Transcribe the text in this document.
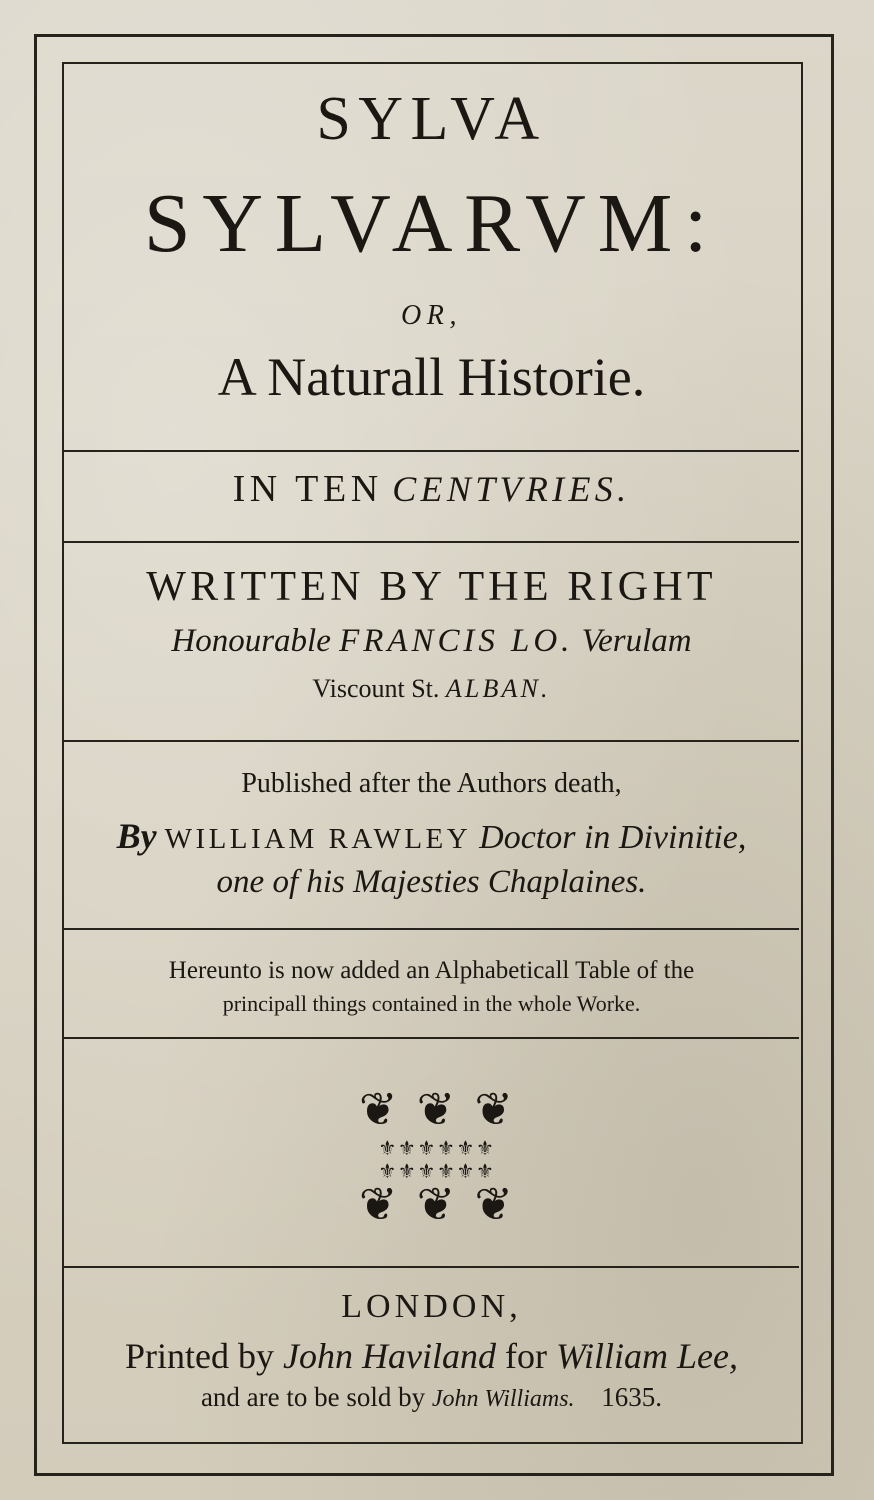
SYLVA
SYLVARVM:
OR,
A Naturall Historie.
IN TEN CENTVRIES.
WRITTEN BY THE RIGHT
Honourable FRANCIS LO. Verulam
Viscount St. ALBAN.
Published after the Authors death,
By WILLIAM RAWLEY Doctor in Divinitie,
one of his Majesties Chaplaines.
Hereunto is now added an Alphabeticall Table of the
principall things contained in the whole Worke.
❦ ❦ ❦
⚜⚜⚜⚜⚜⚜
⚜⚜⚜⚜⚜⚜
❦ ❦ ❦
LONDON,
Printed by John Haviland for William Lee,
and are to be sold by John Williams. 1635.
